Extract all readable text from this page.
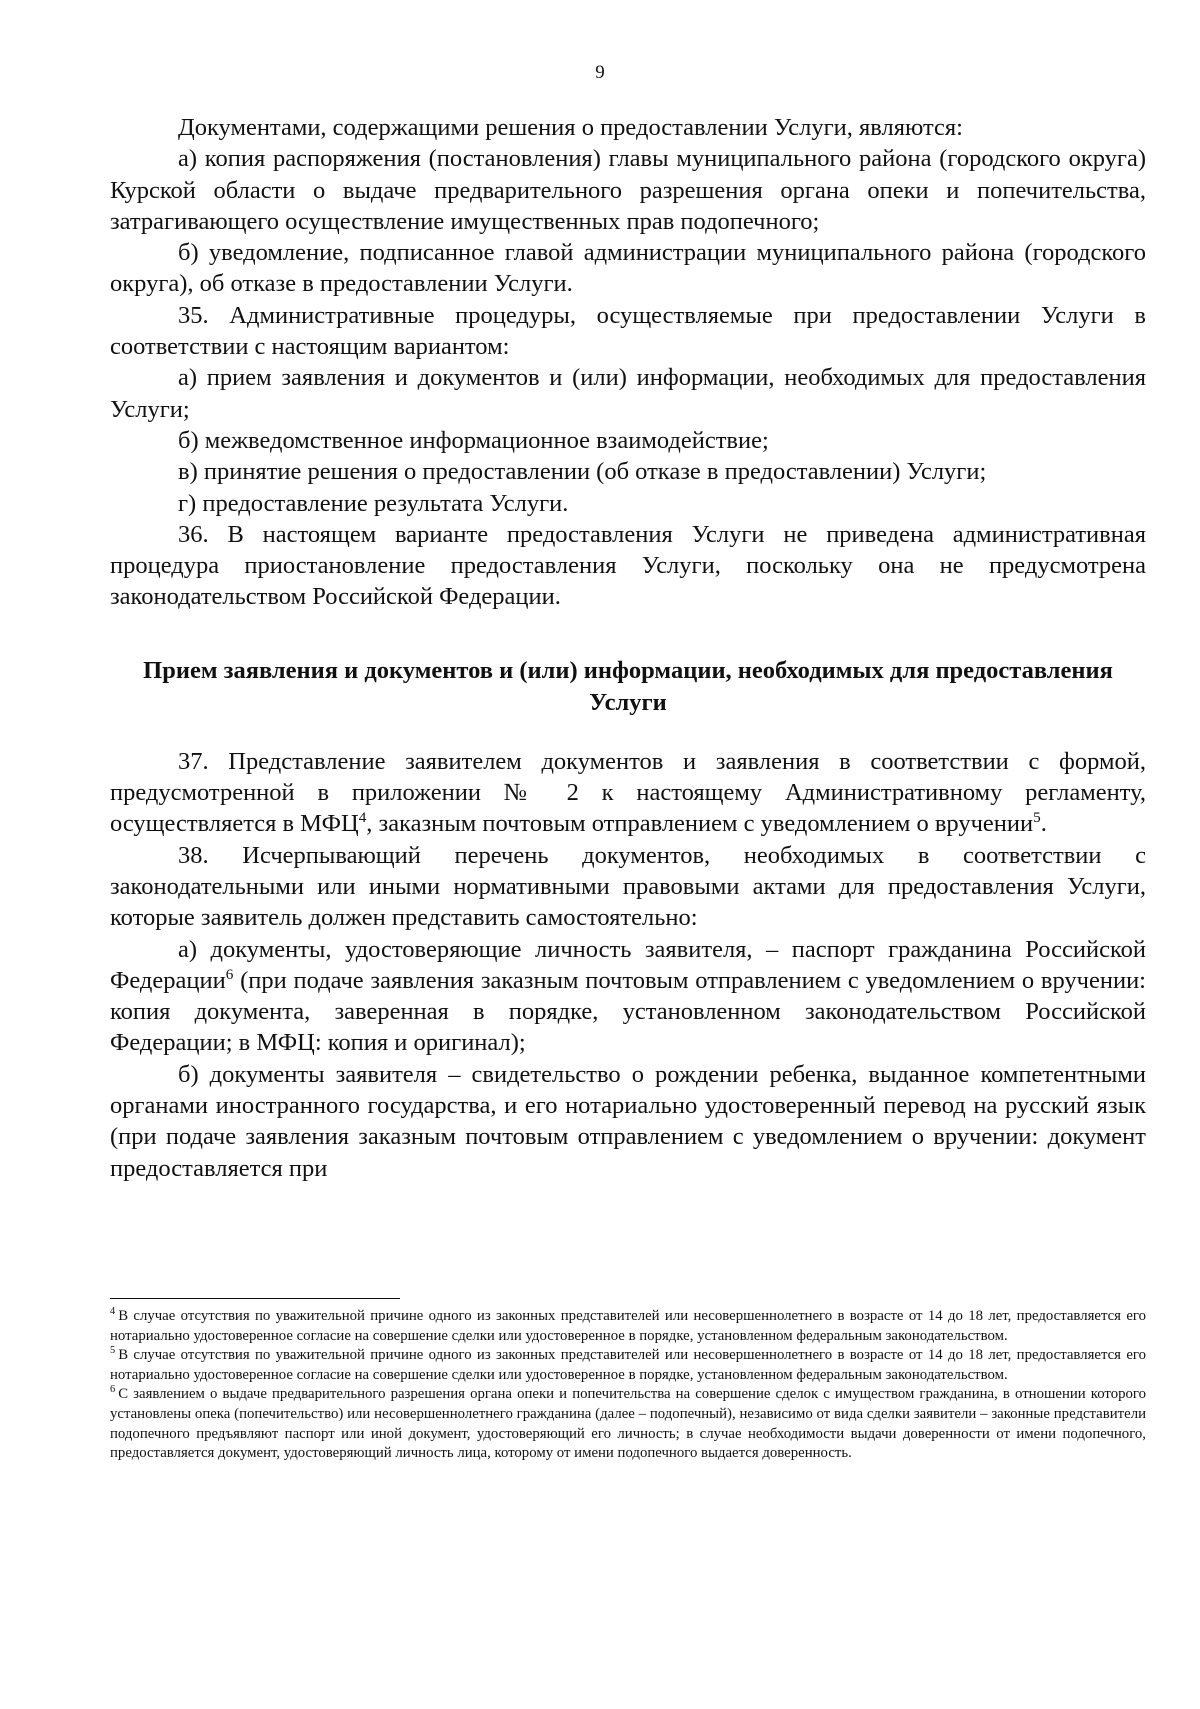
9

Документами, содержащими решения о предоставлении Услуги, являются:

а) копия распоряжения (постановления) главы муниципального района (городского округа) Курской области о выдаче предварительного разрешения органа опеки и попечительства, затрагивающего осуществление имущественных прав подопечного;

б) уведомление, подписанное главой администрации муниципального района (городского округа), об отказе в предоставлении Услуги.

35. Административные процедуры, осуществляемые при предоставлении Услуги в соответствии с настоящим вариантом:

а) прием заявления и документов и (или) информации, необходимых для предоставления Услуги;

б) межведомственное информационное взаимодействие;

в) принятие решения о предоставлении (об отказе в предоставлении) Услуги;

г) предоставление результата Услуги.

36. В настоящем варианте предоставления Услуги не приведена административная процедура приостановление предоставления Услуги, поскольку она не предусмотрена законодательством Российской Федерации.

Прием заявления и документов и (или) информации, необходимых для предоставления Услуги

37. Представление заявителем документов и заявления в соответствии с формой, предусмотренной в приложении № 2 к настоящему Административному регламенту, осуществляется в МФЦ$^4$, заказным почтовым отправлением с уведомлением о вручении$^5$.

38. Исчерпывающий перечень документов, необходимых в соответствии с законодательными или иными нормативными правовыми актами для предоставления Услуги, которые заявитель должен представить самостоятельно:

а) документы, удостоверяющие личность заявителя, – паспорт гражданина Российской Федерации$^6$ (при подаче заявления заказным почтовым отправлением с уведомлением о вручении: копия документа, заверенная в порядке, установленном законодательством Российской Федерации; в МФЦ: копия и оригинал);

б) документы заявителя – свидетельство о рождении ребенка, выданное компетентными органами иностранного государства, и его нотариально удостоверенный перевод на русский язык (при подаче заявления заказным почтовым отправлением с уведомлением о вручении: документ предоставляется при

$^4$ В случае отсутствия по уважительной причине одного из законных представителей или несовершеннолетнего в возрасте от 14 до 18 лет, предоставляется его нотариально удостоверенное согласие на совершение сделки или удостоверенное в порядке, установленном федеральным законодательством.

$^5$ В случае отсутствия по уважительной причине одного из законных представителей или несовершеннолетнего в возрасте от 14 до 18 лет, предоставляется его нотариально удостоверенное согласие на совершение сделки или удостоверенное в порядке, установленном федеральным законодательством.

$^6$ С заявлением о выдаче предварительного разрешения органа опеки и попечительства на совершение сделок с имуществом гражданина, в отношении которого установлены опека (попечительство) или несовершеннолетнего гражданина (далее – подопечный), независимо от вида сделки заявители – законные представители подопечного предъявляют паспорт или иной документ, удостоверяющий его личность; в случае необходимости выдачи доверенности от имени подопечного, предоставляется документ, удостоверяющий личность лица, которому от имени подопечного выдается доверенность.
